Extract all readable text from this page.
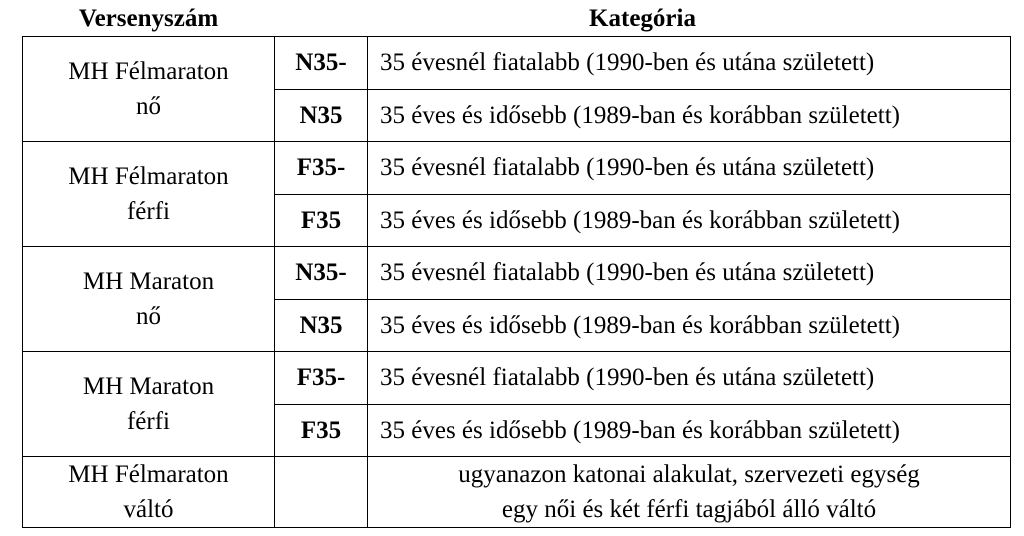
Versenyszám	Kategória	

MH Félmaraton
nő	N35-	35 évesnél fiatalabb (1990-ben és utána született)
	N35	35 éves és idősebb (1989-ban és korábban született)

MH Félmaraton
férfi	F35-	35 évesnél fiatalabb (1990-ben és utána született)
	F35	35 éves és idősebb (1989-ban és korábban született)

MH Maraton
nő	N35-	35 évesnél fiatalabb (1990-ben és utána született)
	N35	35 éves és idősebb (1989-ban és korábban született)

MH Maraton
férfi	F35-	35 évesnél fiatalabb (1990-ben és utána született)
	F35	35 éves és idősebb (1989-ban és korábban született)

MH Félmaraton
váltó		ugyanazon katonai alakulat, szervezeti egység
egy női és két férfi tagjából álló váltó
